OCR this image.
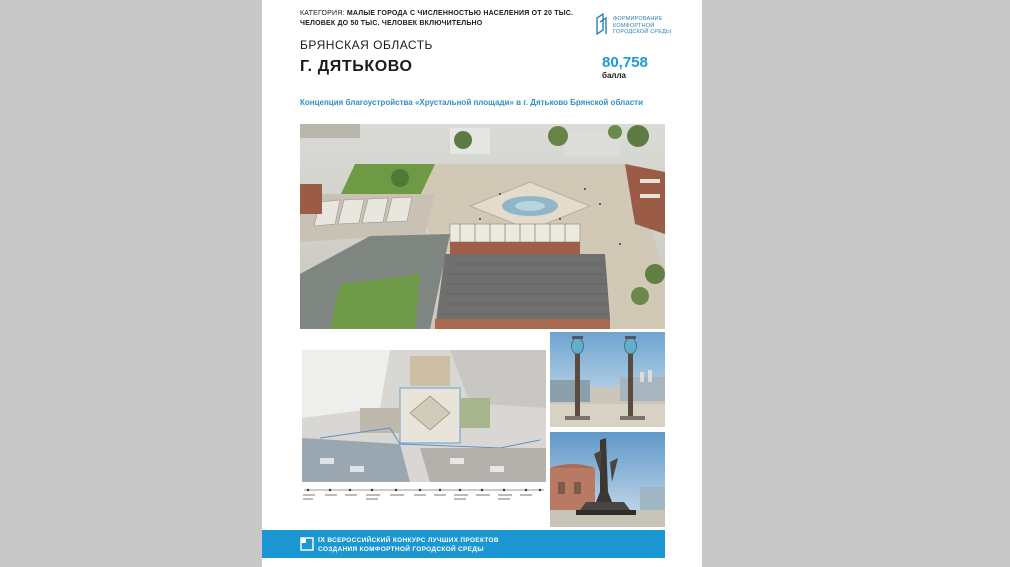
КАТЕГОРИЯ: МАЛЫЕ ГОРОДА С ЧИСЛЕННОСТЬЮ НАСЕЛЕНИЯ ОТ 20 ТЫС. ЧЕЛОВЕК ДО 50 ТЫС. ЧЕЛОВЕК ВКЛЮЧИТЕЛЬНО
ФОРМИРОВАНИЕ
КОМФОРТНОЙ
ГОРОДСКОЙ СРЕДЫ
БРЯНСКАЯ ОБЛАСТЬ
Г. ДЯТЬКОВО	80,758
балла
Концепция благоустройства «Хрустальной площади» в г. Дятьково Брянской области
IX ВСЕРОССИЙСКИЙ КОНКУРС ЛУЧШИХ ПРОЕКТОВ
СОЗДАНИЯ КОМФОРТНОЙ ГОРОДСКОЙ СРЕДЫ
